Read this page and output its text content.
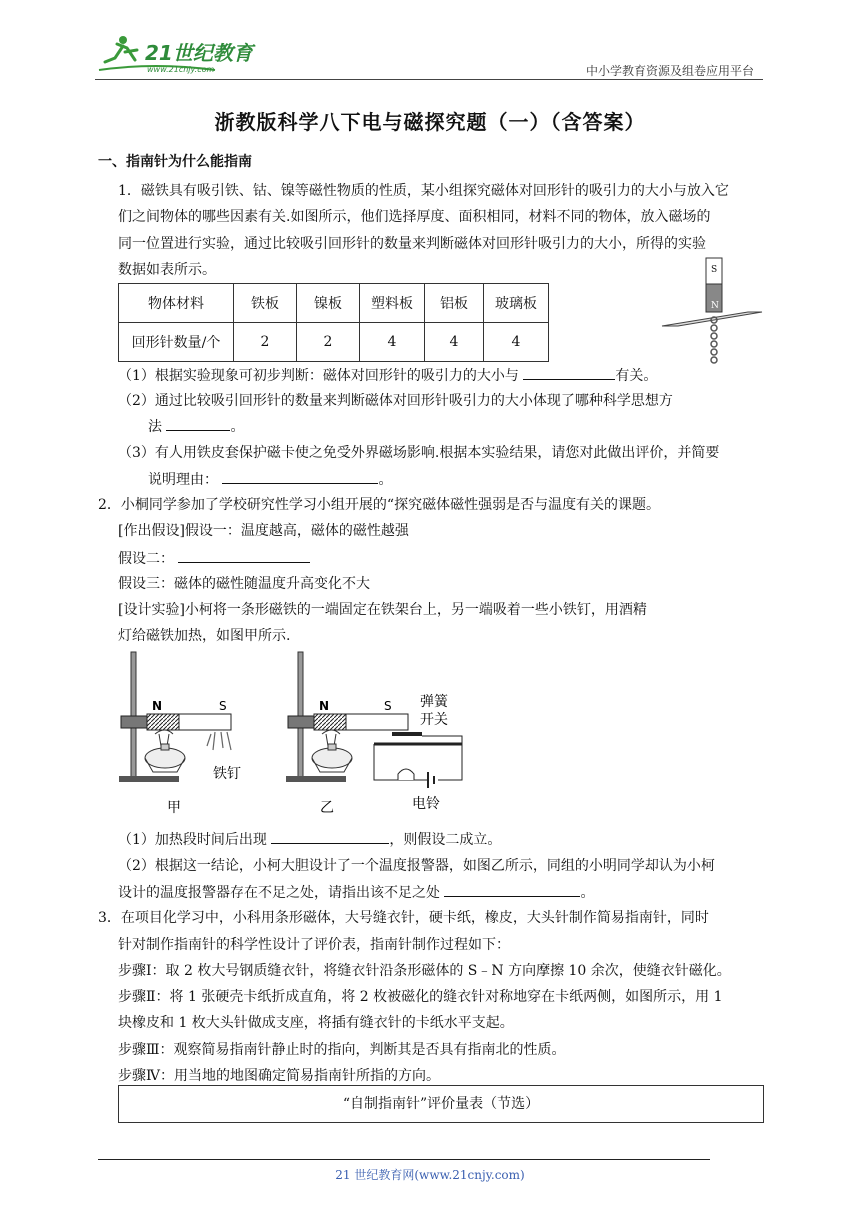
21世纪教育
www.21cnjy.com	中小学教育资源及组卷应用平台
浙教版科学八下电与磁探究题（一）（含答案）
一、指南针为什么能指南
1．磁铁具有吸引铁、钴、镍等磁性物质的性质，某小组探究磁体对回形针的吸引力的大小与放入它
们之间物体的哪些因素有关.如图所示，他们选择厚度、面积相同，材料不同的物体，放入磁场的
同一位置进行实验，通过比较吸引回形针的数量来判断磁体对回形针吸引力的大小，所得的实验
数据如表所示。
物体材料	铁板	镍板	塑料板	铝板	玻璃板
回形针数量/个	2	2	4	4	4
S
N
（1）根据实验现象可初步判断：磁体对回形针的吸引力的大小与	有关。
（2）通过比较吸引回形针的数量来判断磁体对回形针吸引力的大小体现了哪种科学思想方
法	。
（3）有人用铁皮套保护磁卡使之免受外界磁场影响.根据本实验结果，请您对此做出评价，并简要
说明理由：	。
2．小桐同学参加了学校研究性学习小组开展的“探究磁体磁性强弱是否与温度有关的课题。
[作出假设]假设一：温度越高，磁体的磁性越强
假设二：
假设三：磁体的磁性随温度升高变化不大
[设计实验]小柯将一条形磁铁的一端固定在铁架台上，另一端吸着一些小铁钉，用酒精
灯给磁铁加热，如图甲所示.
N	S
铁钉
甲
N	S 弹簧
开关
电铃
乙
（1）加热段时间后出现	，则假设二成立。
（2）根据这一结论，小柯大胆设计了一个温度报警器，如图乙所示，同组的小明同学却认为小柯
设计的温度报警器存在不足之处，请指出该不足之处	。
3．在项目化学习中，小科用条形磁体，大号缝衣针，硬卡纸，橡皮，大头针制作简易指南针，同时
针对制作指南针的科学性设计了评价表，指南针制作过程如下：
步骤Ⅰ：取 2 枚大号钢质缝衣针，将缝衣针沿条形磁体的 S﹣N 方向摩擦 10 余次，使缝衣针磁化。
步骤Ⅱ：将 1 张硬壳卡纸折成直角，将 2 枚被磁化的缝衣针对称地穿在卡纸两侧，如图所示，用 1
块橡皮和 1 枚大头针做成支座，将插有缝衣针的卡纸水平支起。
步骤Ⅲ：观察简易指南针静止时的指向，判断其是否具有指南北的性质。
步骤Ⅳ：用当地的地图确定简易指南针所指的方向。
“自制指南针”评价量表（节选）
21 世纪教育网(www.21cnjy.com)
